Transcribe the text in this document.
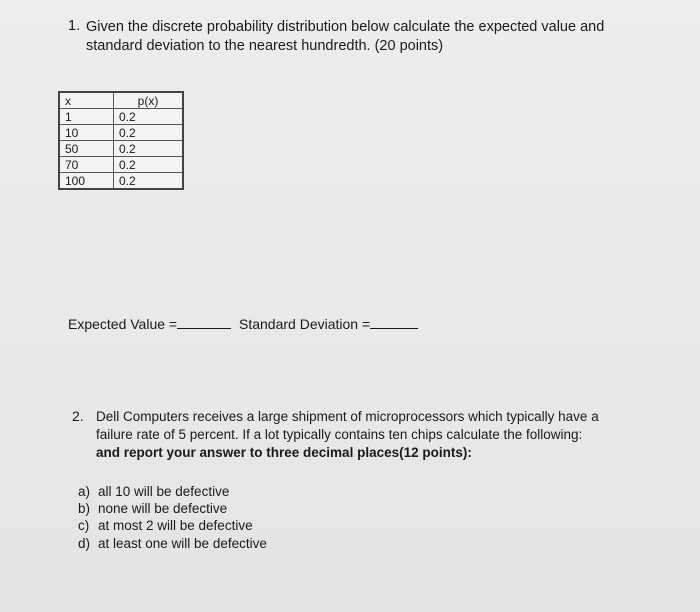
1. Given the discrete probability distribution below calculate the expected value and
standard deviation to the nearest hundredth. (20 points)
x	p(x)
1	0.2
10	0.2
50	0.2
70	0.2
100	0.2
Expected Value =	Standard Deviation =
2. Dell Computers receives a large shipment of microprocessors which typically have a
failure rate of 5 percent. If a lot typically contains ten chips calculate the following:
and report your answer to three decimal places(12 points):
a) all 10 will be defective
b) none will be defective
c) at most 2 will be defective
d) at least one will be defective
